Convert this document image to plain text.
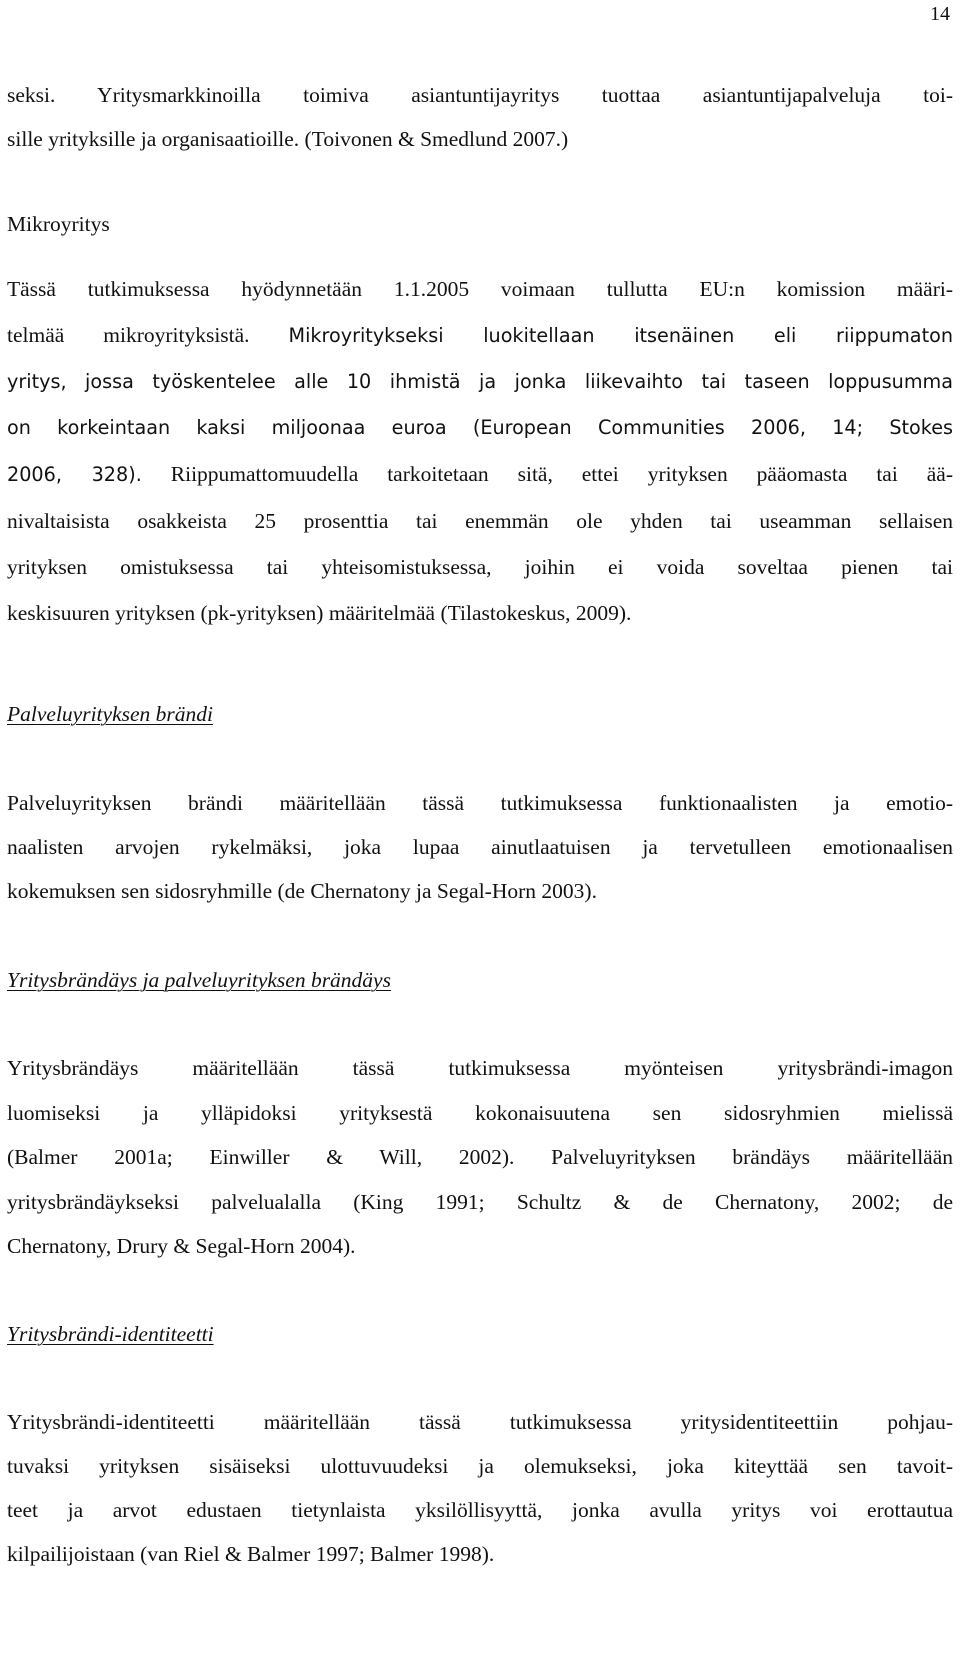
14
seksi. Yritysmarkkinoilla toimiva asiantuntijayritys tuottaa asiantuntijapalveluja toi-
sille yrityksille ja organisaatioille. (Toivonen & Smedlund 2007.)
Mikroyritys
Tässä tutkimuksessa hyödynnetään 1.1.2005 voimaan tullutta EU:n komission määri-
telmää mikroyrityksistä. Mikroyritykseksi luokitellaan itsenäinen eli riippumaton
yritys, jossa työskentelee alle 10 ihmistä ja jonka liikevaihto tai taseen loppusumma
on korkeintaan kaksi miljoonaa euroa (European Communities 2006, 14; Stokes
2006, 328). Riippumattomuudella tarkoitetaan sitä, ettei yrityksen pääomasta tai ää-
nivaltaisista osakkeista 25 prosenttia tai enemmän ole yhden tai useamman sellaisen
yrityksen omistuksessa tai yhteisomistuksessa, joihin ei voida soveltaa pienen tai
keskisuuren yrityksen (pk-yrityksen) määritelmää (Tilastokeskus, 2009).
Palveluyrityksen brändi
Palveluyrityksen brändi määritellään tässä tutkimuksessa funktionaalisten ja emotio-
naalisten arvojen rykelmäksi, joka lupaa ainutlaatuisen ja tervetulleen emotionaalisen
kokemuksen sen sidosryhmille (de Chernatony ja Segal-Horn 2003).
Yritysbrändäys ja palveluyrityksen brändäys
Yritysbrändäys määritellään tässä tutkimuksessa myönteisen yritysbrändi-imagon
luomiseksi ja ylläpidoksi yrityksestä kokonaisuutena sen sidosryhmien mielissä
(Balmer 2001a; Einwiller & Will, 2002). Palveluyrityksen brändäys määritellään
yritysbrändäykseksi palvelualalla (King 1991; Schultz & de Chernatony, 2002; de
Chernatony, Drury & Segal-Horn 2004).
Yritysbrändi-identiteetti
Yritysbrändi-identiteetti määritellään tässä tutkimuksessa yritysidentiteettiin pohjau-
tuvaksi yrityksen sisäiseksi ulottuvuudeksi ja olemukseksi, joka kiteyttää sen tavoit-
teet ja arvot edustaen tietynlaista yksilöllisyyttä, jonka avulla yritys voi erottautua
kilpailijoistaan (van Riel & Balmer 1997; Balmer 1998).
